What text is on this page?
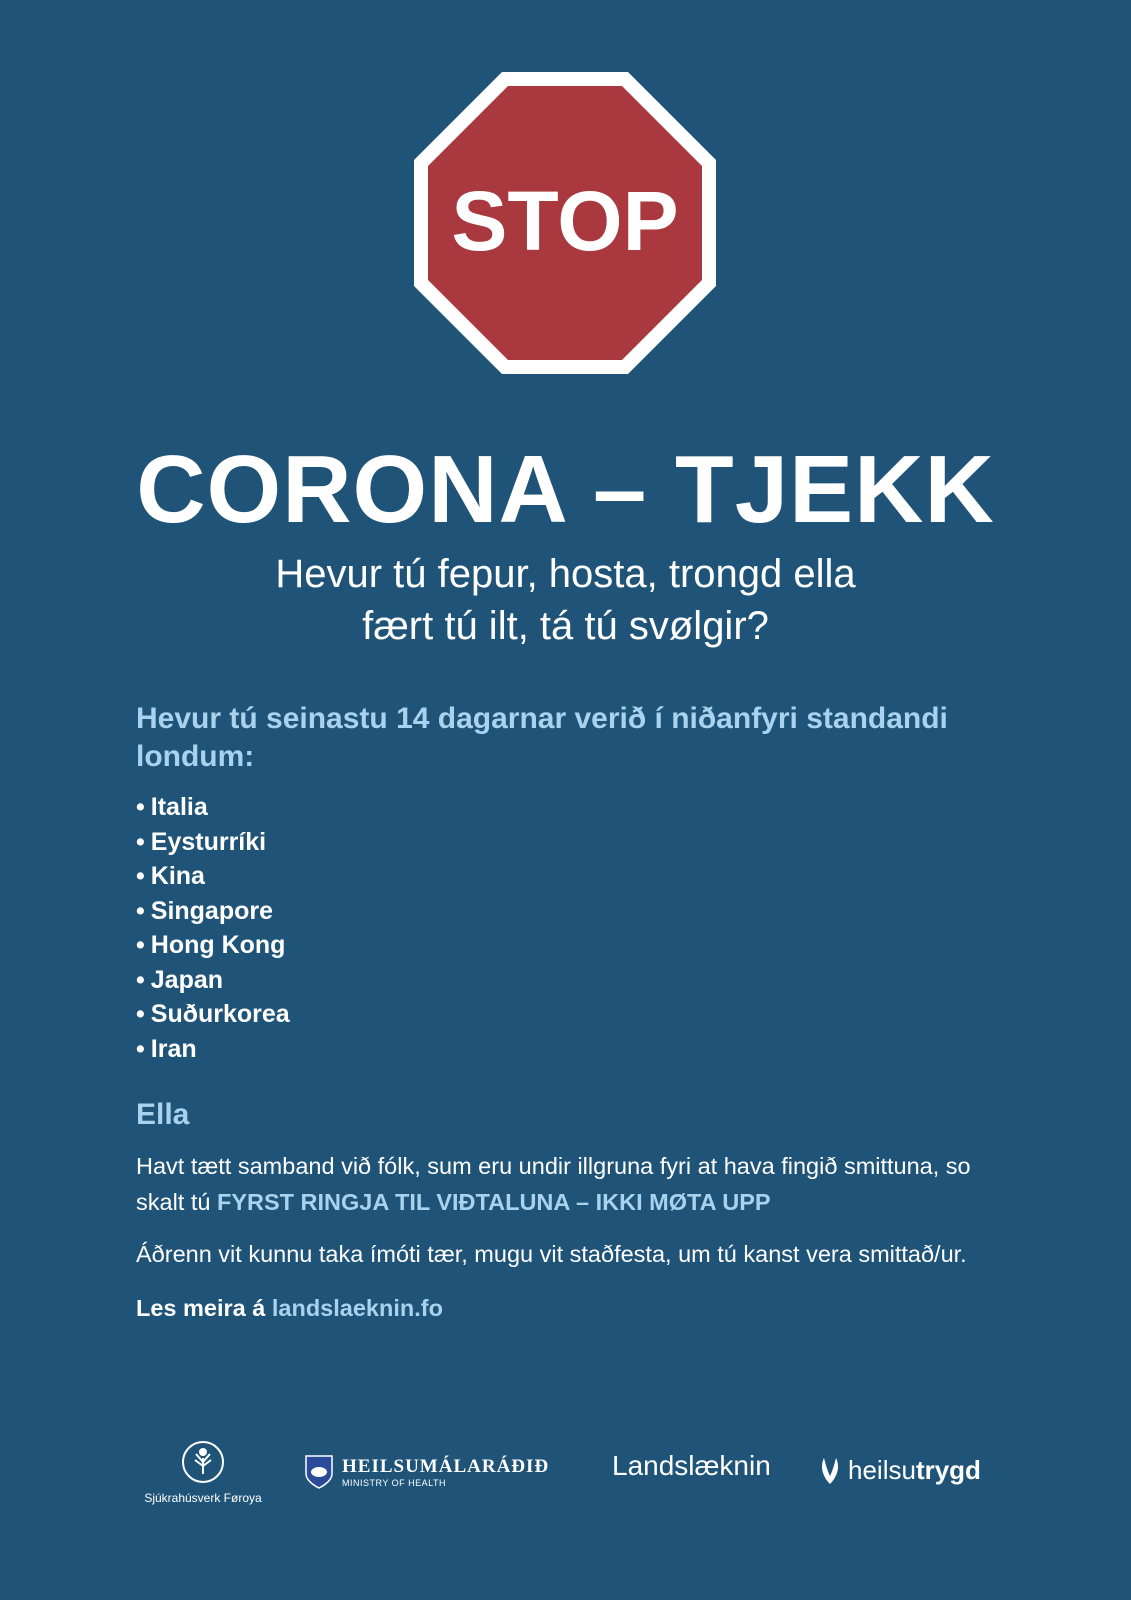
STOP
CORONA – TJEKK
Hevur tú fepur, hosta, trongd ella
fært tú ilt, tá tú svølgir?
Hevur tú seinastu 14 dagarnar verið í niðanfyri standandi londum:
• Italia
• Eysturríki
• Kina
• Singapore
• Hong Kong
• Japan
• Suðurkorea
• Iran
Ella

Havt tætt samband við fólk, sum eru undir illgruna fyri at hava fingið smittuna, so skalt tú FYRST RINGJA TIL VIÐTALUNA – IKKI MØTA UPP

Áðrenn vit kunnu taka ímóti tær, mugu vit staðfesta, um tú kanst vera smittað/ur.

Les meira á landslaeknin.fo
Sjúkrahúsverk Føroya
HEILSUMÁLARÁÐIÐ
MINISTRY OF HEALTH
Landslæknin	heilsu trygd
